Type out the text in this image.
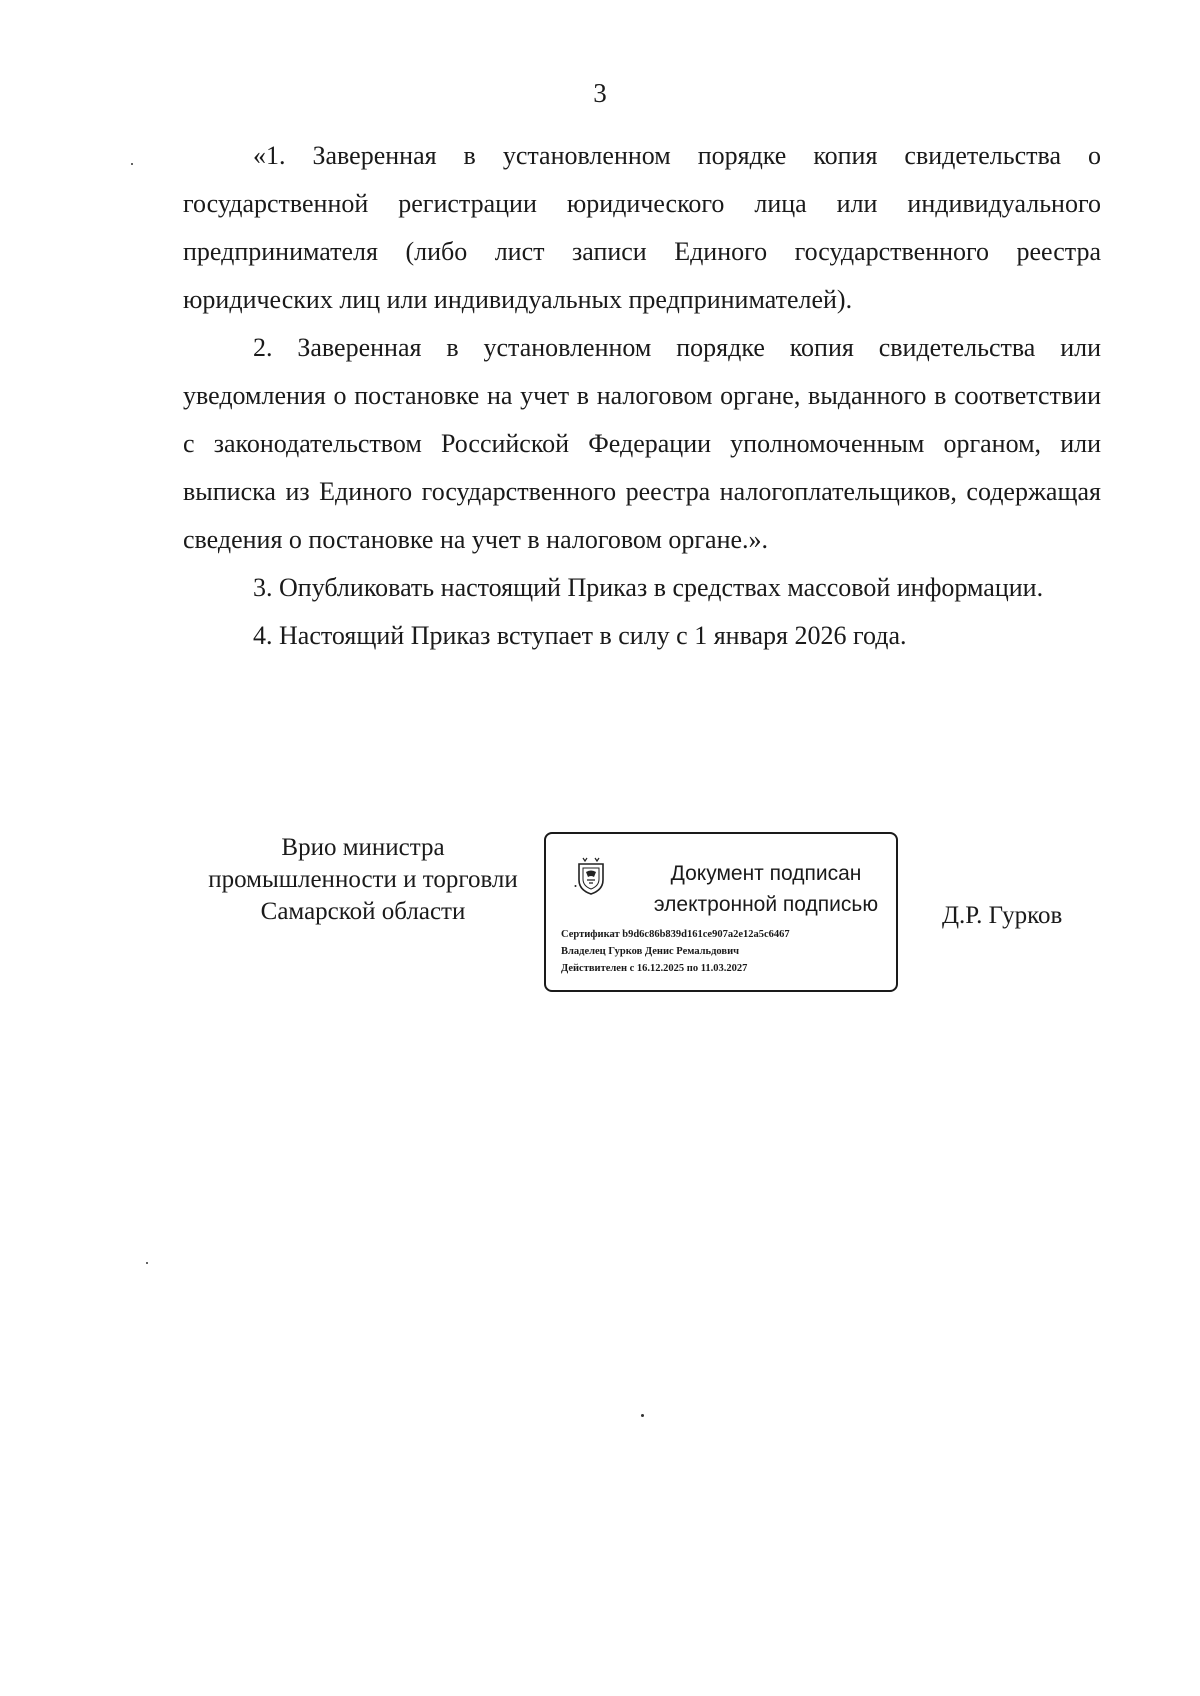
3

«1. Заверенная в установленном порядке копия свидетельства о государственной регистрации юридического лица или индивидуального предпринимателя (либо лист записи Единого государственного реестра юридических лиц или индивидуальных предпринимателей).

2. Заверенная в установленном порядке копия свидетельства или уведомления о постановке на учет в налоговом органе, выданного в соответствии с законодательством Российской Федерации уполномоченным органом, или выписка из Единого государственного реестра налогоплательщиков, содержащая сведения о постановке на учет в налоговом органе.».

3. Опубликовать настоящий Приказ в средствах массовой информации.

4. Настоящий Приказ вступает в силу с 1 января 2026 года.

Врио министра
промышленности и торговли
Самарской области
Документ подписан
электронной подписью
Сертификат b9d6c86b839d161ce907a2e12a5c6467
Владелец Гурков Денис Ремальдович
Действителен с 16.12.2025 по 11.03.2027
Д.Р. Гурков
